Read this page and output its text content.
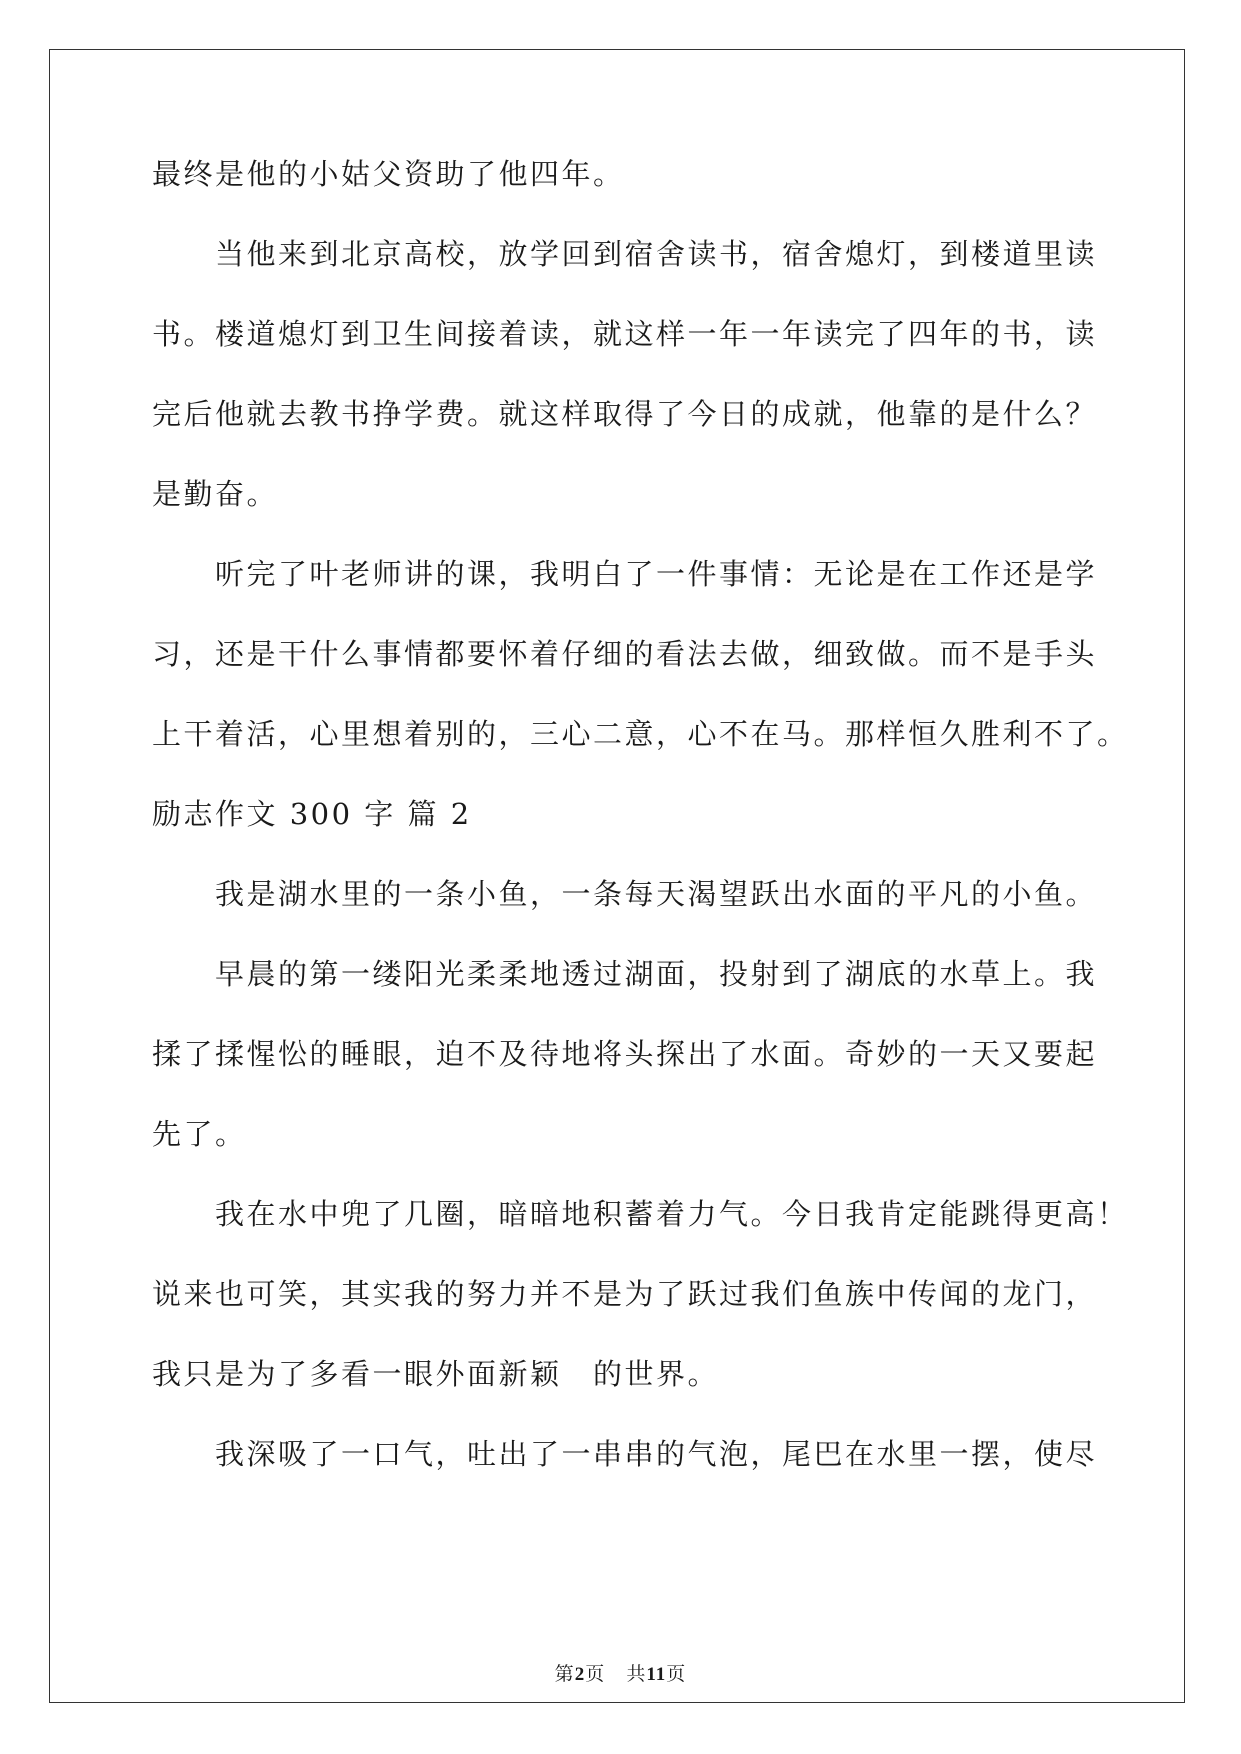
最终是他的小姑父资助了他四年。
当他来到北京高校，放学回到宿舍读书，宿舍熄灯，到楼道里读
书。楼道熄灯到卫生间接着读，就这样一年一年读完了四年的书，读
完后他就去教书挣学费。就这样取得了今日的成就，他靠的是什么？
是勤奋。
听完了叶老师讲的课，我明白了一件事情：无论是在工作还是学
习，还是干什么事情都要怀着仔细的看法去做，细致做。而不是手头
上干着活，心里想着别的，三心二意，心不在马。那样恒久胜利不了。
励志作文 300 字 篇 2
我是湖水里的一条小鱼，一条每天渴望跃出水面的平凡的小鱼。
早晨的第一缕阳光柔柔地透过湖面，投射到了湖底的水草上。我
揉了揉惺忪的睡眼，迫不及待地将头探出了水面。奇妙的一天又要起
先了。
我在水中兜了几圈，暗暗地积蓄着力气。今日我肯定能跳得更高！
说来也可笑，其实我的努力并不是为了跃过我们鱼族中传闻的龙门，
我只是为了多看一眼外面新颖　的世界。
我深吸了一口气，吐出了一串串的气泡，尾巴在水里一摆，使尽
第2页 共11页
